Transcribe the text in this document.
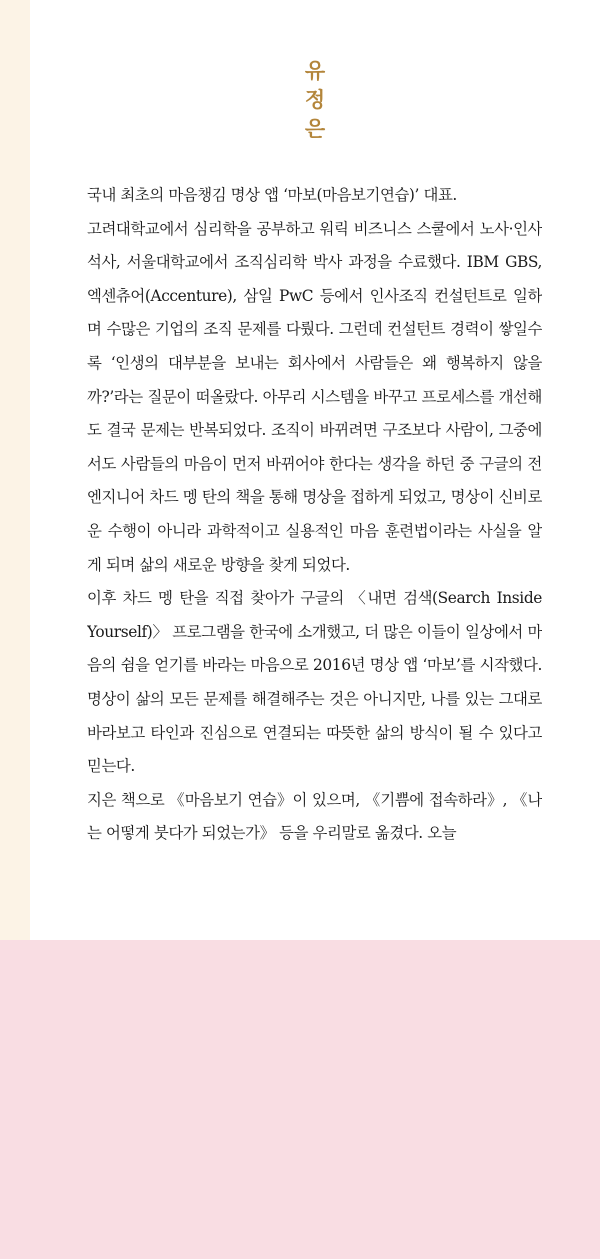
유
정
은

국내 최초의 마음챙김 명상 앱 ‘마보(마음보기연습)’ 대표.

고려대학교에서 심리학을 공부하고 워릭 비즈니스 스쿨에서 노사·인사 석사, 서울대학교에서 조직심리학 박사 과정을 수료했다. IBM GBS, 엑센츄어(Accenture), 삼일 PwC 등에서 인사조직 컨설턴트로 일하며 수많은 기업의 조직 문제를 다뤘다. 그런데 컨설턴트 경력이 쌓일수록 ‘인생의 대부분을 보내는 회사에서 사람들은 왜 행복하지 않을까?’라는 질문이 떠올랐다. 아무리 시스템을 바꾸고 프로세스를 개선해도 결국 문제는 반복되었다. 조직이 바뀌려면 구조보다 사람이, 그중에서도 사람들의 마음이 먼저 바뀌어야 한다는 생각을 하던 중 구글의 전 엔지니어 차드 멩 탄의 책을 통해 명상을 접하게 되었고, 명상이 신비로운 수행이 아니라 과학적이고 실용적인 마음 훈련법이라는 사실을 알게 되며 삶의 새로운 방향을 찾게 되었다.

이후 차드 멩 탄을 직접 찾아가 구글의 〈내면 검색(Search Inside Yourself)〉 프로그램을 한국에 소개했고, 더 많은 이들이 일상에서 마음의 쉼을 얻기를 바라는 마음으로 2016년 명상 앱 ‘마보’를 시작했다. 명상이 삶의 모든 문제를 해결해주는 것은 아니지만, 나를 있는 그대로 바라보고 타인과 진심으로 연결되는 따뜻한 삶의 방식이 될 수 있다고 믿는다.

지은 책으로 《마음보기 연습》이 있으며, 《기쁨에 접속하라》, 《나는 어떻게 붓다가 되었는가》 등을 우리말로 옮겼다. 오늘
